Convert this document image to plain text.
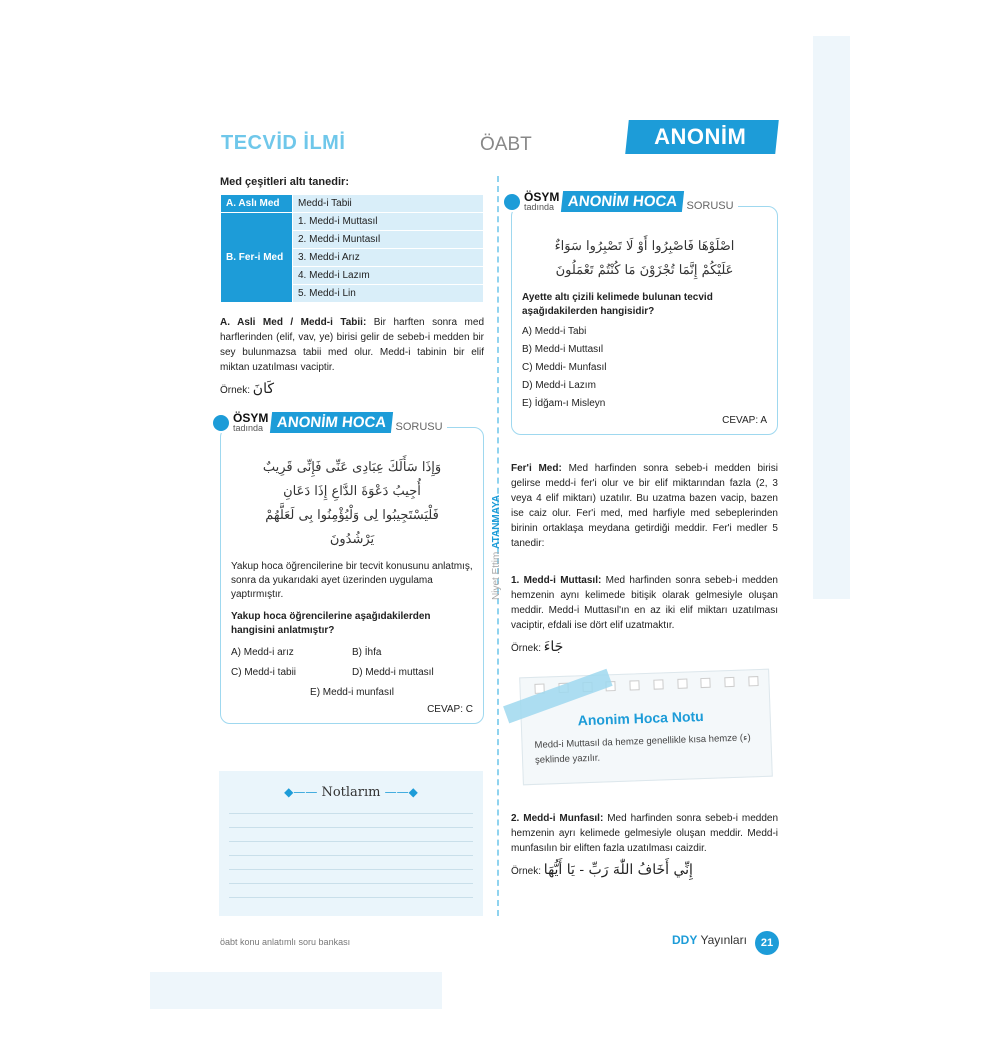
TECVİD İLMİ	ÖABT	ANONİM HOCA
Niyet Ettim ATANMAYA
Med çeşitleri altı tanedir:
A. Aslı Med	Medd-i Tabii
B. Fer-i Med	1. Medd-i Muttasıl
	2. Medd-i Muntasıl
	3. Medd-i Arız
	4. Medd-i Lazım
	5. Medd-i Lin

A. Asli Med / Medd-i Tabii: Bir harften sonra med harflerinden (elif, vav, ye) birisi gelir de sebeb-i medden bir sey bulunmazsa tabii med olur. Medd-i tabinin bir elif miktan uzatılması vaciptir.

Örnek: كَانَ
ÖSYM
tadında ANONİM HOCA SORUSU
وَإِذَا سَأَلَكَ عِبَادِى عَنِّى فَإِنِّى قَرِيبٌ
أُجِيبُ دَعْوَةَ الدَّاعِ إِذَا دَعَانِ
فَلْيَسْتَجِيبُوا لِى وَلْيُؤْمِنُوا بِى لَعَلَّهُمْ
يَرْشُدُونَ

Yakup hoca öğrencilerine bir tecvit konusunu anlatmış, sonra da yukarıdaki ayet üzerinden uygulama yaptırmıştır.

Yakup hoca öğrencilerine aşağıdakilerden hangisini anlatmıştır?

A) Medd-i arız	B) İhfa
C) Medd-i tabii	D) Medd-i muttasıl
E) Medd-i munfasıl
CEVAP: C
◆—— Notlarım ——◆
ÖSYM
tadında ANONİM HOCA SORUSU
اصْلَوْهَا فَاصْبِرُوا أَوْ لَا تَصْبِرُوا سَوَاءٌ
عَلَيْكُمْ إِنَّمَا تُجْزَوْنَ مَا كُنْتُمْ تَعْمَلُونَ

Ayette altı çizili kelimede bulunan tecvid aşağıdakilerden hangisidir?

A) Medd-i Tabi
B) Medd-i Muttasıl
C) Meddi- Munfasıl
D) Medd-i Lazım
E) İdğam-ı Misleyn
CEVAP: A

Fer'i Med: Med harfinden sonra sebeb-i medden birisi gelirse medd-i fer'i olur ve bir elif miktarından fazla (2, 3 veya 4 elif miktarı) uzatılır. Bu uzatma bazen vacip, bazen ise caiz olur. Fer'i med, med harfiyle med sebeplerinden birinin ortaklaşa meydana getirdiği meddir. Fer'i medler 5 tanedir:

1. Medd-i Muttasıl: Med harfinden sonra sebeb-i medden hemzenin aynı kelimede bitişik olarak gelmesiyle oluşan meddir. Medd-i Muttasıl'ın en az iki elif miktarı uzatılması vaciptir, efdali ise dört elif uzatmaktır.

Örnek: جَاءَ
Anonim Hoca Notu
Medd-i Muttasıl da hemze genellikle kısa hemze (ء) şeklinde yazılır.

2. Medd-i Munfasıl: Med harfinden sonra sebeb-i medden hemzenin ayrı kelimede gelmesiyle oluşan meddir. Medd-i munfasılın bir eliften fazla uzatılması caizdir.

Örnek: إِنِّي أَخَافُ اللّٰهَ رَبِّ - يَا أَيُّهَا
öabt konu anlatımlı soru bankası	DDY Yayınları	21
